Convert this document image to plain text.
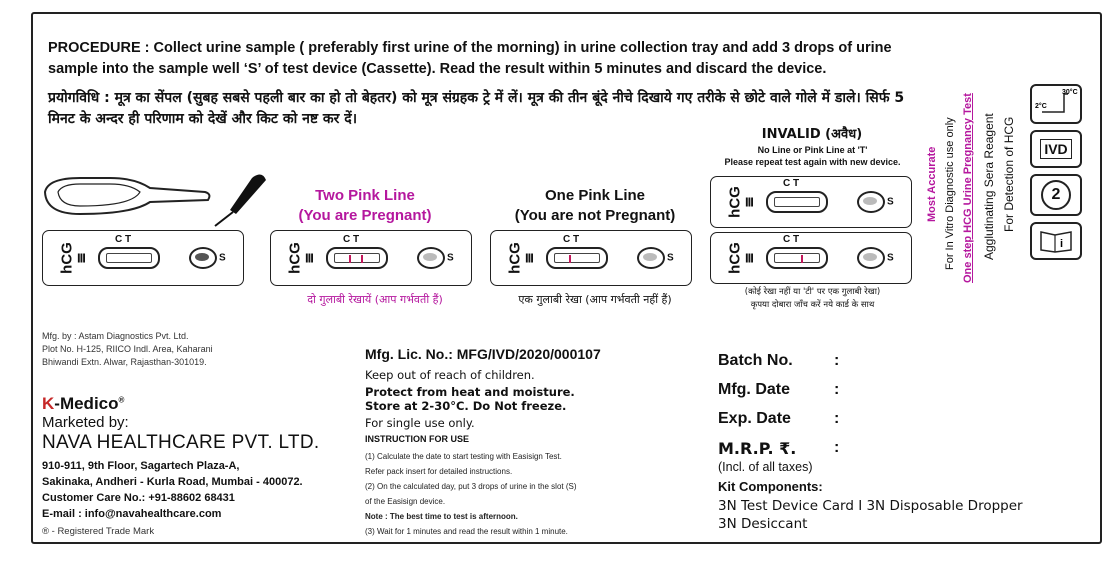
PROCEDURE : Collect urine sample ( preferably first urine of the morning) in urine collection tray and add 3 drops of urine sample into the sample well ‘S’ of test device (Cassette). Read the result within 5 minutes and discard the device.
प्रयोगविधि : मूत्र का सेंपल (सुबह सबसे पहली बार का हो तो बेहतर) को मूत्र संग्रहक ट्रे में लें। मूत्र की तीन बूंदे नीचे दिखाये गए तरीके से छोटे वाले गोले में डाले। सिर्फ 5 मिनट के अन्दर ही परिणाम को देखें और किट को नष्ट कर दें।
hCG III
C T
S
Two Pink Line
(You are Pregnant)
hCG III
C T
S
दो गुलाबी रेखायें (आप गर्भवती हैं)
One Pink Line
(You are not Pregnant)
hCG III
C T
S
एक गुलाबी रेखा (आप गर्भवती नहीं हैं)
INVALID (अवैध)
No Line or Pink Line at 'T'
Please repeat test again with new device.
hCG III
C T
S
hCG III
C T
S
(कोई रेखा नहीं या 'टी' पर एक गुलाबी रेखा)
कृपया दोबारा जाँच करें नये कार्ड के साथ
Mfg. by : Astam Diagnostics Pvt. Ltd.
Plot No. H-125, RIICO Indl. Area, Kaharani
Bhiwandi Extn. Alwar, Rajasthan-301019.
K-Medico®
Marketed by:
NAVA HEALTHCARE PVT. LTD.
910-911, 9th Floor, Sagartech Plaza-A,
Sakinaka, Andheri - Kurla Road, Mumbai - 400072.
Customer Care No.: +91-88602 68431
E-mail : info@navahealthcare.com
® - Registered Trade Mark
Mfg. Lic. No.: MFG/IVD/2020/000107
Keep out of reach of children.
Protect from heat and moisture.
Store at 2-30°C. Do Not freeze.
For single use only.
INSTRUCTION FOR USE
(1) Calculate the date to start testing with Easisign Test.
Refer pack insert for detailed instructions.
(2) On the calculated day, put 3 drops of urine in the slot (S)
of the Easisign device.
Note : The best time to test is afternoon.
(3) Wait for 1 minutes and read the result within 1 minute.
Batch No.	:
Mfg. Date	:
Exp. Date	:
M.R.P. ₹. :
(Incl. of all taxes)
Kit Components:
3N Test Device Card I 3N Disposable Dropper
3N Desiccant
Most Accurate For In Vitro Diagnostic use only One step HCG Urine Pregnancy Test Agglutinating Sera Reagent For Detection of HCG
2°C
30°C
IVD
2
i
